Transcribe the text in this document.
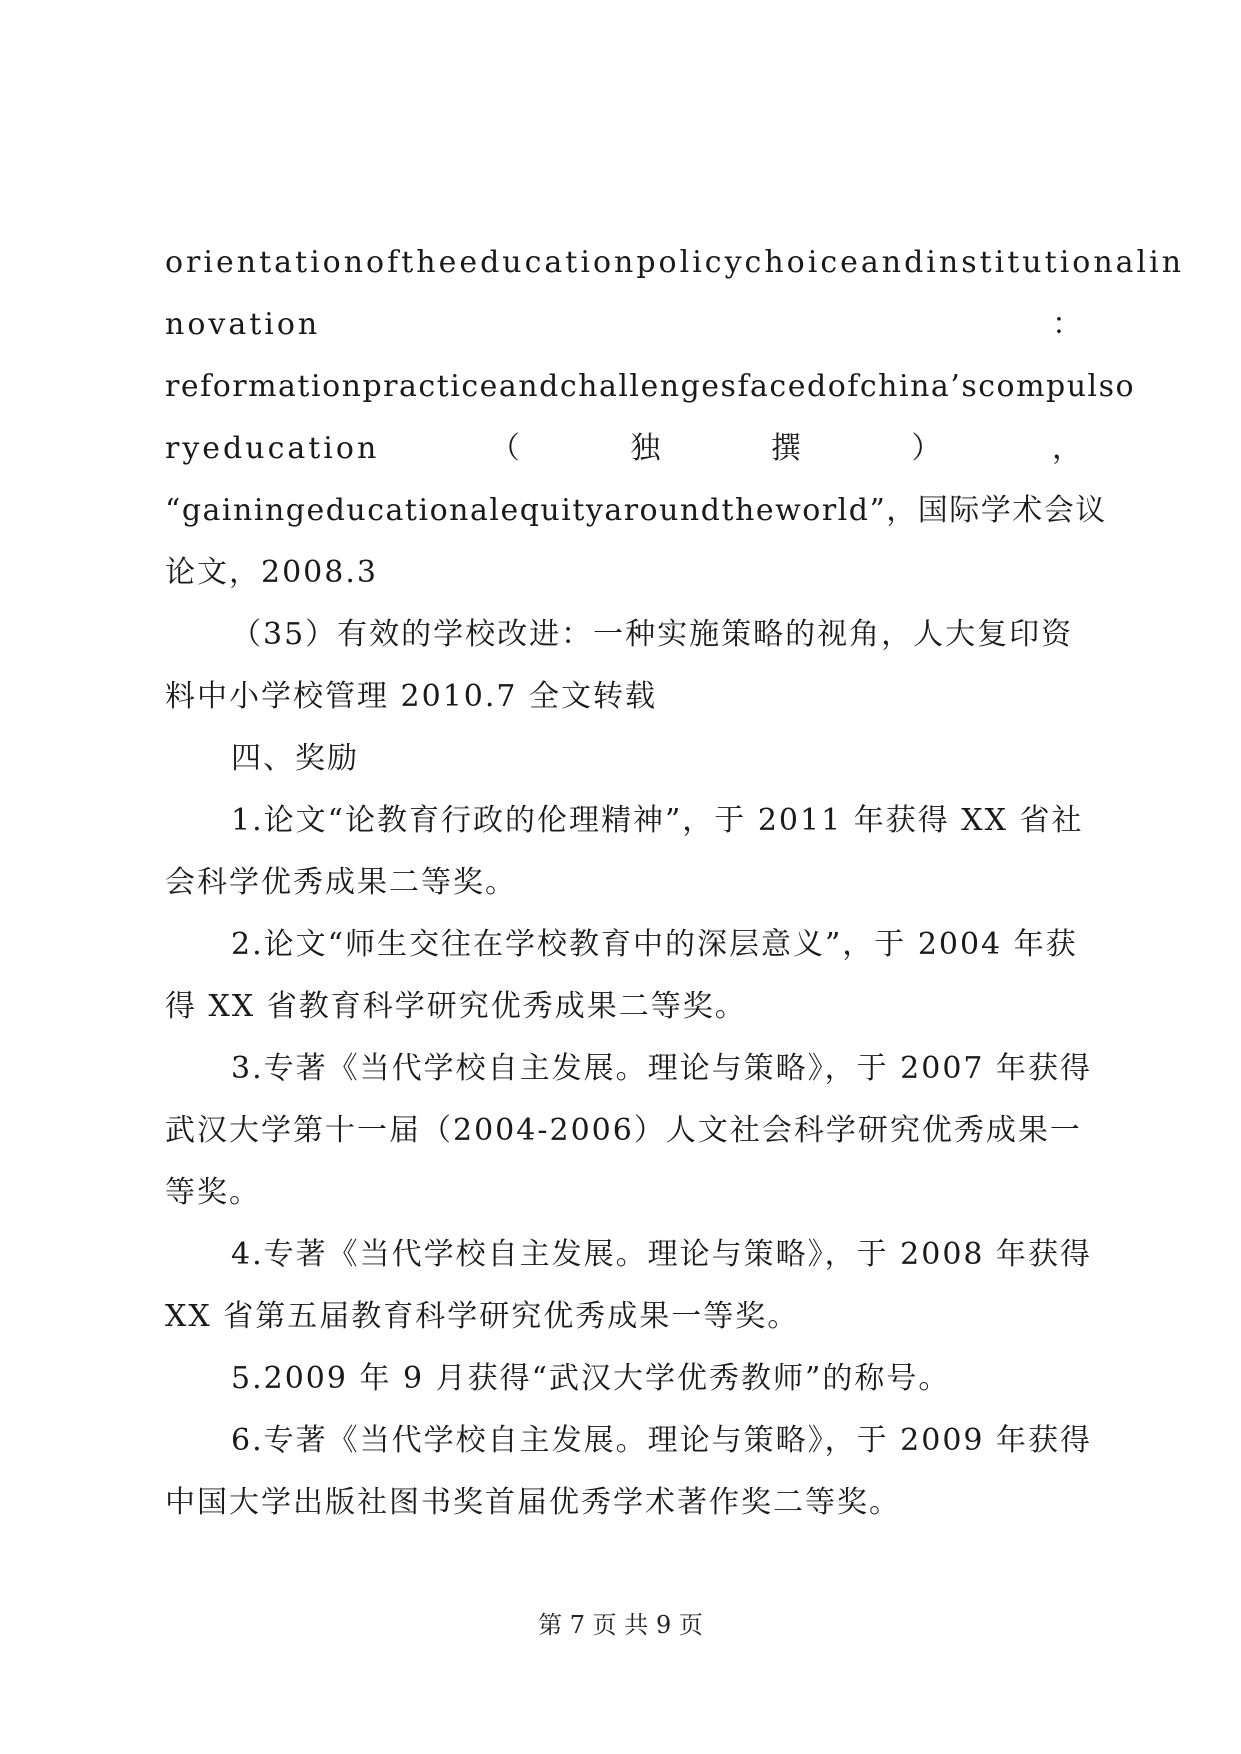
orientationoftheeducationpolicychoiceandinstitutionalin
novation	：
reformationpracticeandchallengesfacedofchina’scompulso
ryeducation	（	独	撰	）	，
“gainingeducationalequityaroundtheworld”，国际学术会议
论文，2008.3
（35）有效的学校改进：一种实施策略的视角，人大复印资
料中小学校管理 2010.7 全文转载
四、奖励
1.论文“论教育行政的伦理精神”，于 2011 年获得 XX 省社
会科学优秀成果二等奖。
2.论文“师生交往在学校教育中的深层意义”，于 2004 年获
得 XX 省教育科学研究优秀成果二等奖。
3.专著《当代学校自主发展。理论与策略》，于 2007 年获得
武汉大学第十一届（2004-2006）人文社会科学研究优秀成果一
等奖。
4.专著《当代学校自主发展。理论与策略》，于 2008 年获得
XX 省第五届教育科学研究优秀成果一等奖。
5.2009 年 9 月获得“武汉大学优秀教师”的称号。
6.专著《当代学校自主发展。理论与策略》，于 2009 年获得
中国大学出版社图书奖首届优秀学术著作奖二等奖。
第 7 页 共 9 页
